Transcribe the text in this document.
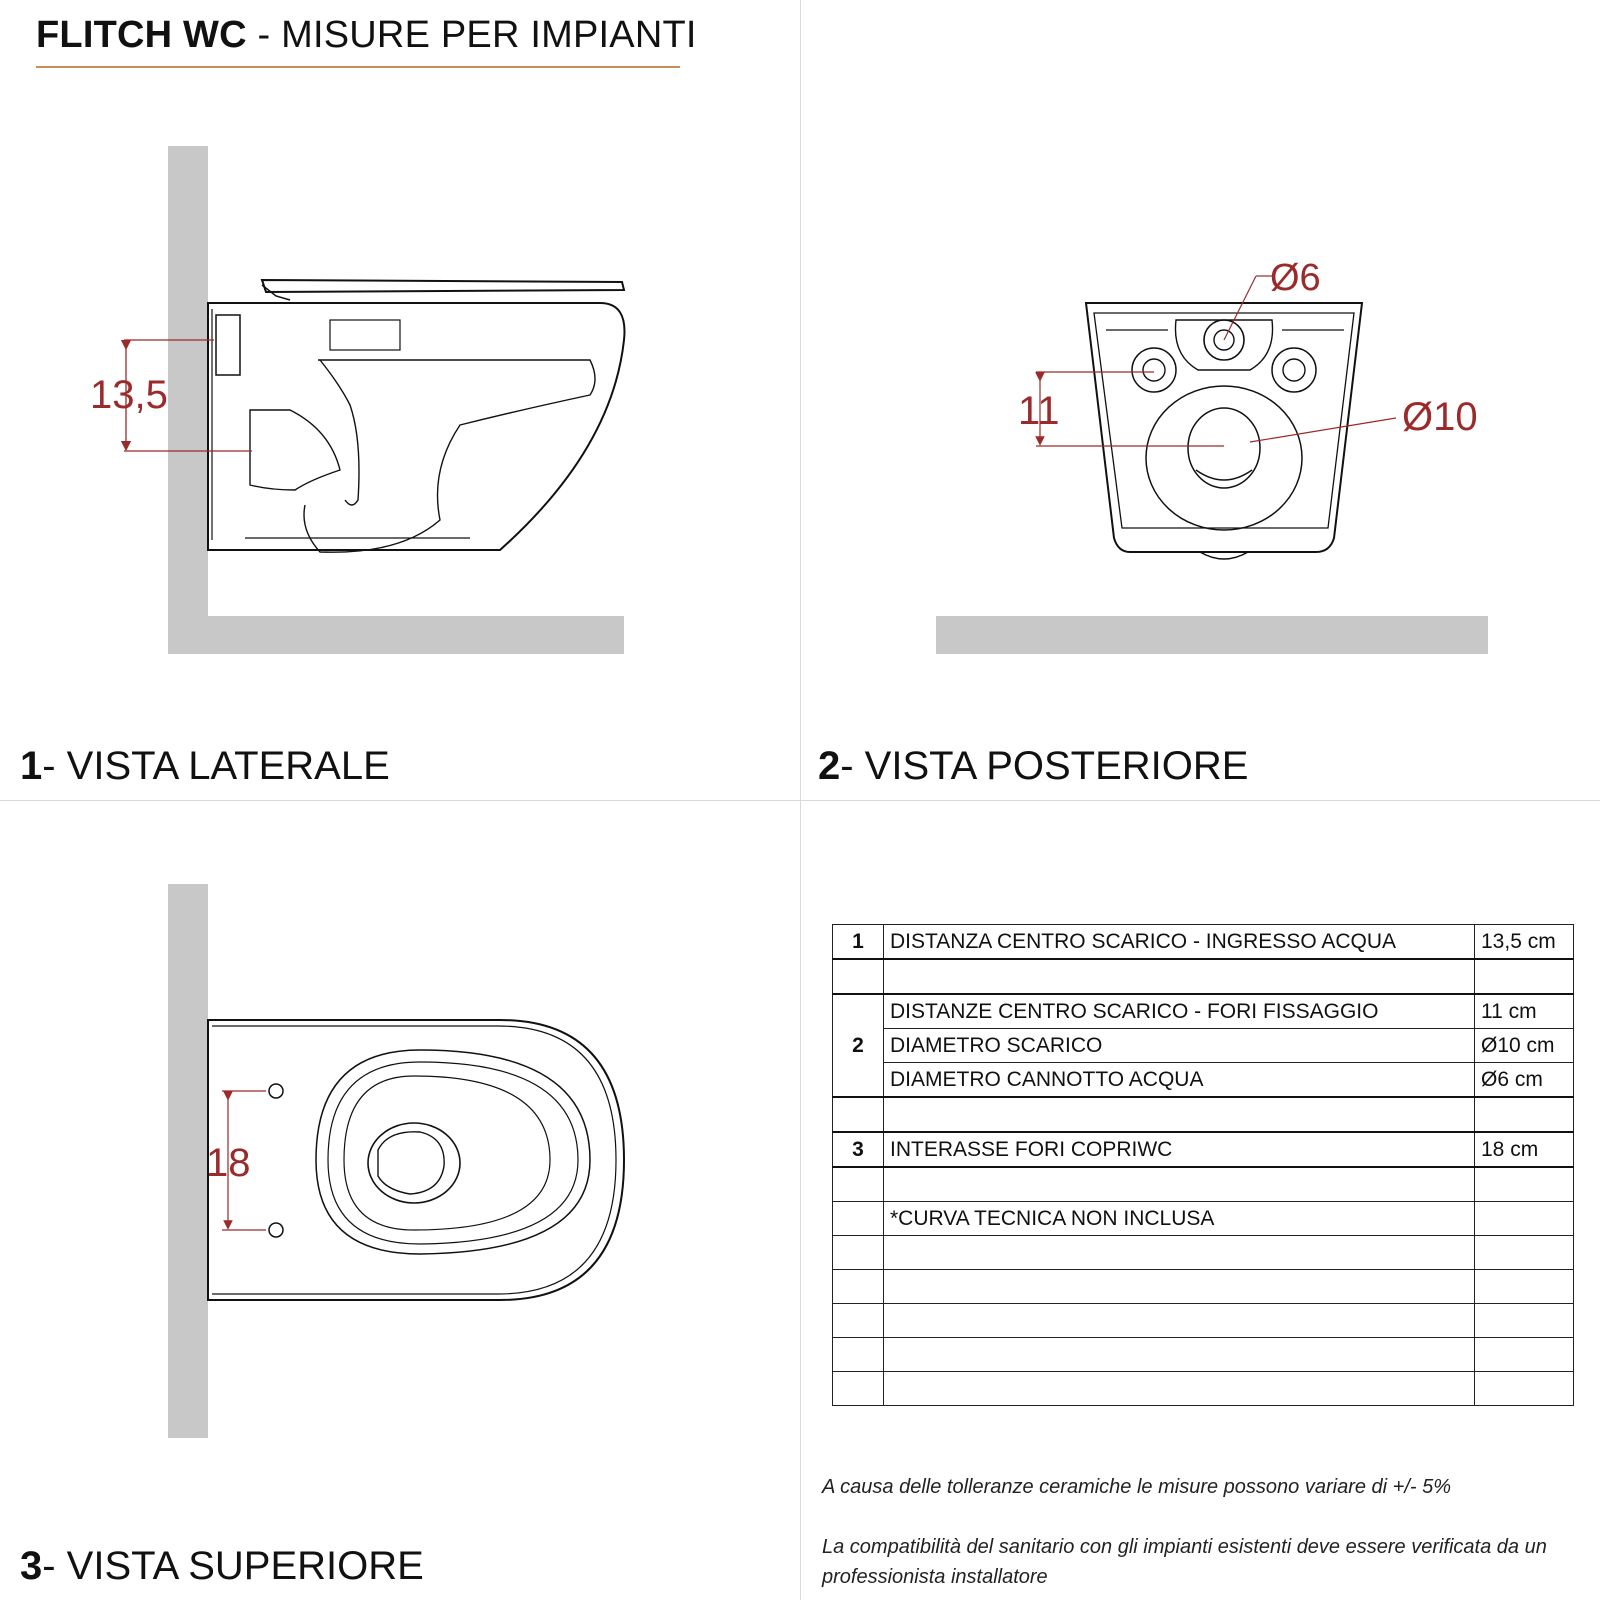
FLITCH WC - MISURE PER IMPIANTI
13,5
Ø6
11	Ø10
18
1- VISTA LATERALE	2- VISTA POSTERIORE
3- VISTA SUPERIORE
1	DISTANZA CENTRO SCARICO - INGRESSO ACQUA	13,5 cm

2	DISTANZE CENTRO SCARICO - FORI FISSAGGIO	11 cm
	DIAMETRO SCARICO	Ø10 cm
	DIAMETRO CANNOTTO ACQUA	Ø6 cm

3	INTERASSE FORI COPRIWC	18 cm

	*CURVA TECNICA NON INCLUSA	

A causa delle tolleranze ceramiche le misure possono variare di +/- 5%
La compatibilità del sanitario con gli impianti esistenti deve essere verificata da un professionista installatore
